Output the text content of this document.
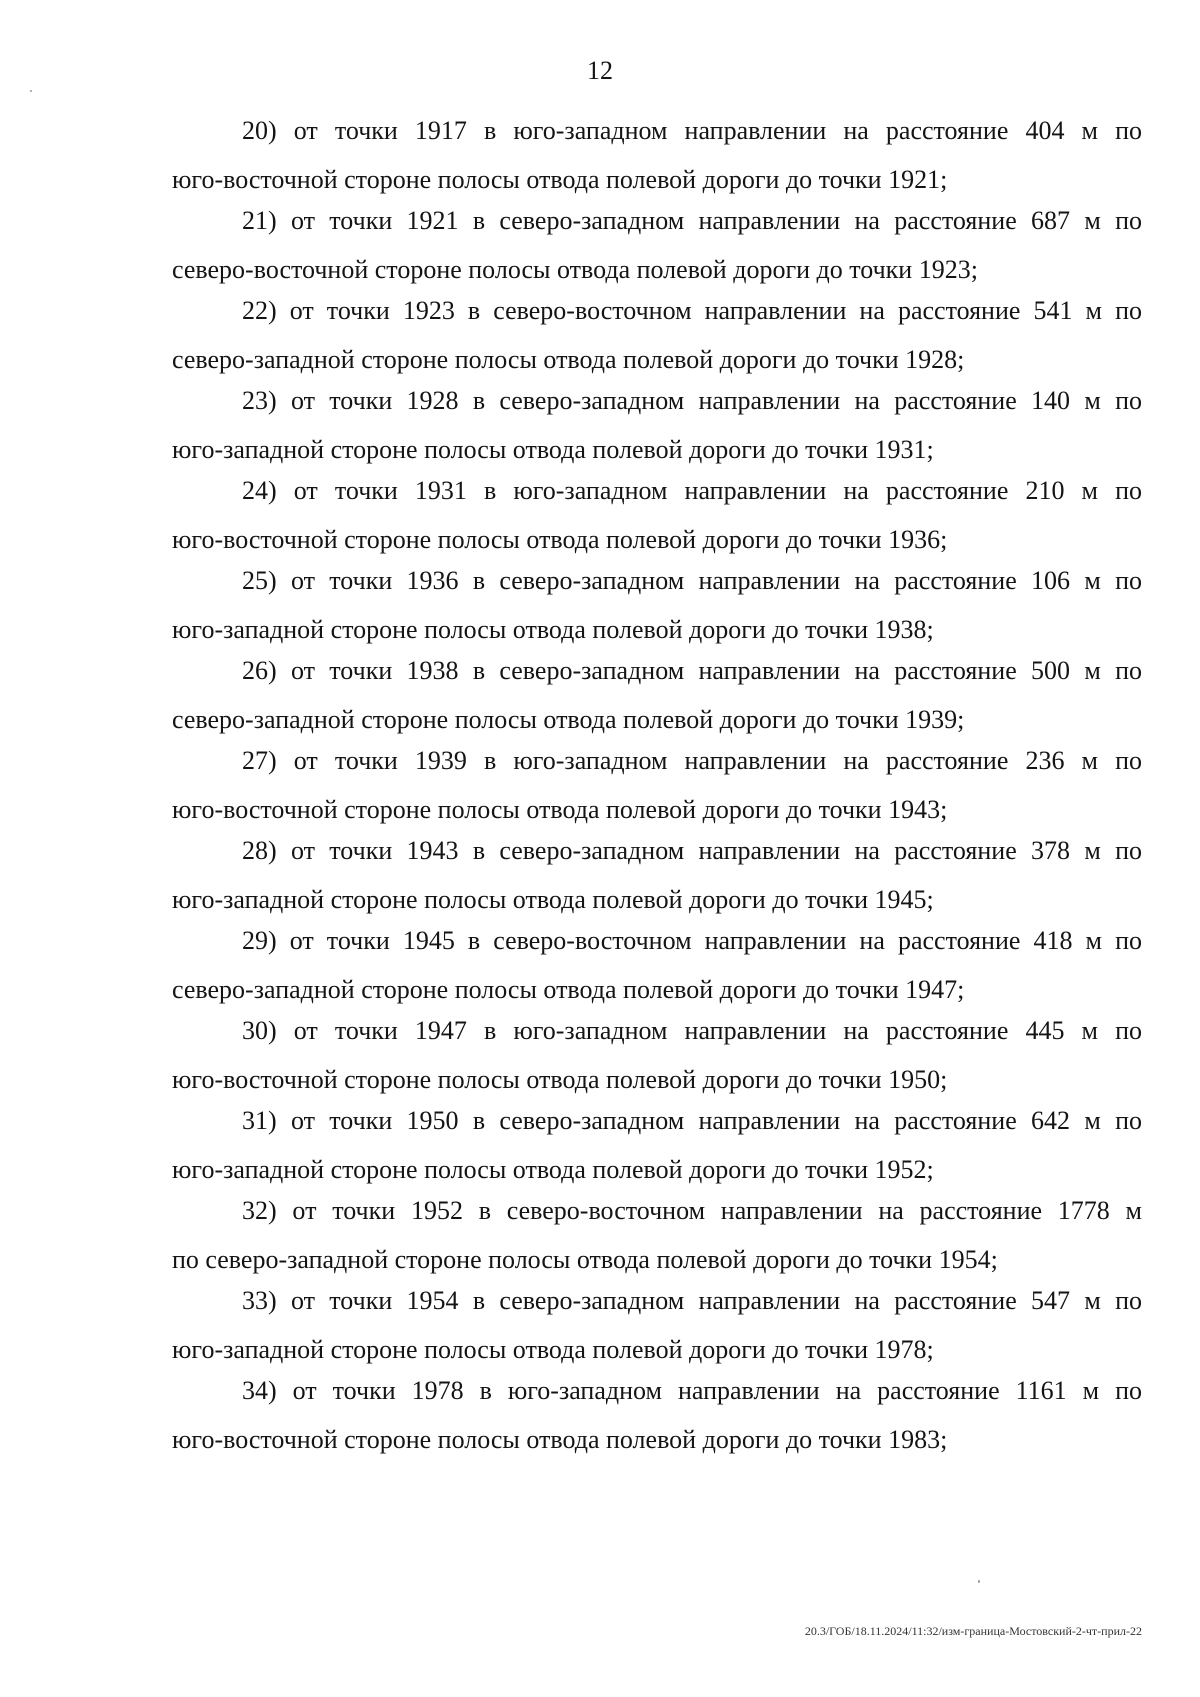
12
20) от точки 1917 в юго-западном направлении на расстояние 404 м по
юго-восточной стороне полосы отвода полевой дороги до точки 1921;
21) от точки 1921 в северо-западном направлении на расстояние 687 м по
северо-восточной стороне полосы отвода полевой дороги до точки 1923;
22) от точки 1923 в северо-восточном направлении на расстояние 541 м по
северо-западной стороне полосы отвода полевой дороги до точки 1928;
23) от точки 1928 в северо-западном направлении на расстояние 140 м по
юго-западной стороне полосы отвода полевой дороги до точки 1931;
24) от точки 1931 в юго-западном направлении на расстояние 210 м по
юго-восточной стороне полосы отвода полевой дороги до точки 1936;
25) от точки 1936 в северо-западном направлении на расстояние 106 м по
юго-западной стороне полосы отвода полевой дороги до точки 1938;
26) от точки 1938 в северо-западном направлении на расстояние 500 м по
северо-западной стороне полосы отвода полевой дороги до точки 1939;
27) от точки 1939 в юго-западном направлении на расстояние 236 м по
юго-восточной стороне полосы отвода полевой дороги до точки 1943;
28) от точки 1943 в северо-западном направлении на расстояние 378 м по
юго-западной стороне полосы отвода полевой дороги до точки 1945;
29) от точки 1945 в северо-восточном направлении на расстояние 418 м по
северо-западной стороне полосы отвода полевой дороги до точки 1947;
30) от точки 1947 в юго-западном направлении на расстояние 445 м по
юго-восточной стороне полосы отвода полевой дороги до точки 1950;
31) от точки 1950 в северо-западном направлении на расстояние 642 м по
юго-западной стороне полосы отвода полевой дороги до точки 1952;
32) от точки 1952 в северо-восточном направлении на расстояние 1778 м
по северо-западной стороне полосы отвода полевой дороги до точки 1954;
33) от точки 1954 в северо-западном направлении на расстояние 547 м по
юго-западной стороне полосы отвода полевой дороги до точки 1978;
34) от точки 1978 в юго-западном направлении на расстояние 1161 м по
юго-восточной стороне полосы отвода полевой дороги до точки 1983;
20.3/ГОБ/18.11.2024/11:32/изм-граница-Мостовский-2-чт-прил-22
